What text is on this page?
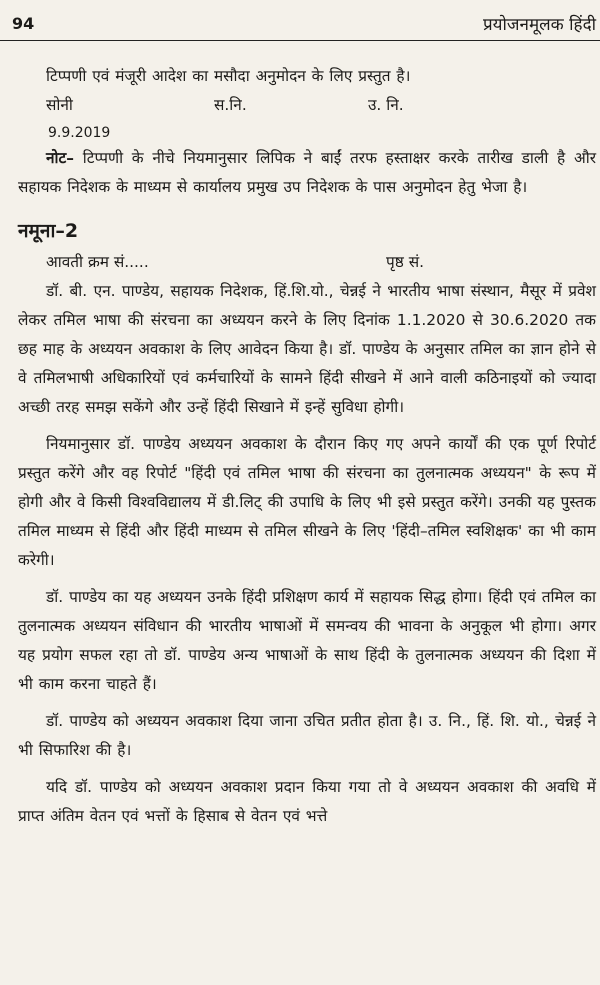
94	प्रयोजनमूलक हिंदी

टिप्पणी एवं मंजूरी आदेश का मसौदा अनुमोदन के लिए प्रस्तुत है।

सोनी	स.नि.	उ. नि.
9.9.2019

नोट– टिप्पणी के नीचे नियमानुसार लिपिक ने बाईं तरफ हस्ताक्षर करके तारीख डाली है और सहायक निदेशक के माध्यम से कार्यालय प्रमुख उप निदेशक के पास अनुमोदन हेतु भेजा है।

नमूना–2
आवती क्रम सं.....	पृष्ठ सं.

डॉ. बी. एन. पाण्डेय, सहायक निदेशक, हिं.शि.यो., चेन्नई ने भारतीय भाषा संस्थान, मैसूर में प्रवेश लेकर तमिल भाषा की संरचना का अध्ययन करने के लिए दिनांक 1.1.2020 से 30.6.2020 तक छह माह के अध्ययन अवकाश के लिए आवेदन किया है। डॉ. पाण्डेय के अनुसार तमिल का ज्ञान होने से वे तमिलभाषी अधिकारियों एवं कर्मचारियों के सामने हिंदी सीखने में आने वाली कठिनाइयों को ज्यादा अच्छी तरह समझ सकेंगे और उन्हें हिंदी सिखाने में इन्हें सुविधा होगी।

नियमानुसार डॉ. पाण्डेय अध्ययन अवकाश के दौरान किए गए अपने कार्यों की एक पूर्ण रिपोर्ट प्रस्तुत करेंगे और वह रिपोर्ट "हिंदी एवं तमिल भाषा की संरचना का तुलनात्मक अध्ययन" के रूप में होगी और वे किसी विश्वविद्यालय में डी.लिट् की उपाधि के लिए भी इसे प्रस्तुत करेंगे। उनकी यह पुस्तक तमिल माध्यम से हिंदी और हिंदी माध्यम से तमिल सीखने के लिए 'हिंदी–तमिल स्वशिक्षक' का भी काम करेगी।

डॉ. पाण्डेय का यह अध्ययन उनके हिंदी प्रशिक्षण कार्य में सहायक सिद्ध होगा। हिंदी एवं तमिल का तुलनात्मक अध्ययन संविधान की भारतीय भाषाओं में समन्वय की भावना के अनुकूल भी होगा। अगर यह प्रयोग सफल रहा तो डॉ. पाण्डेय अन्य भाषाओं के साथ हिंदी के तुलनात्मक अध्ययन की दिशा में भी काम करना चाहते हैं।

डॉ. पाण्डेय को अध्ययन अवकाश दिया जाना उचित प्रतीत होता है। उ. नि., हिं. शि. यो., चेन्नई ने भी सिफारिश की है।

यदि डॉ. पाण्डेय को अध्ययन अवकाश प्रदान किया गया तो वे अध्ययन अवकाश की अवधि में प्राप्त अंतिम वेतन एवं भत्तों के हिसाब से वेतन एवं भत्ते
